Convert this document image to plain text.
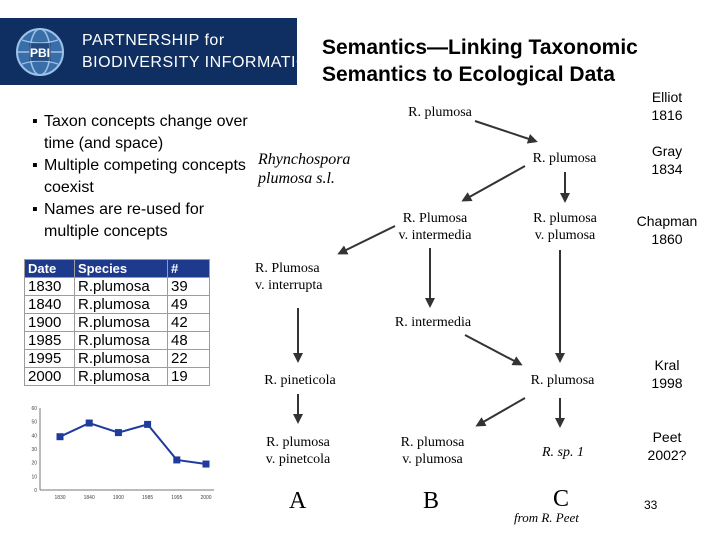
PBI
PARTNERSHIP for
BIODIVERSITY INFORMATICS
Semantics—Linking Taxonomic
Semantics to Ecological Data
▪ Taxon concepts change over time (and space)
▪ Multiple competing concepts coexist
▪ Names are re-used for multiple concepts
Date	Species	#
1830	R.plumosa	39
1840	R.plumosa	49
1900	R.plumosa	42
1985	R.plumosa	48
1995	R.plumosa	22
2000	R.plumosa	19
0
10
20
30
40
50
60
1830	1840	1900	1985	1995	2000
R. plumosa
Rhynchospora
plumosa s.l.
R. plumosa
R. Plumosa
v. intermedia
R. plumosa
v. plumosa
R. Plumosa
v. interrupta
R. intermedia
R. pineticola	R. plumosa
R. plumosa
v. pinetcola
R. plumosa
v. plumosa	R. sp. 1
Elliot
1816
Gray
1834
Chapman
1860
Kral
1998
Peet
2002?
A	B	C
from R. Peet
33
